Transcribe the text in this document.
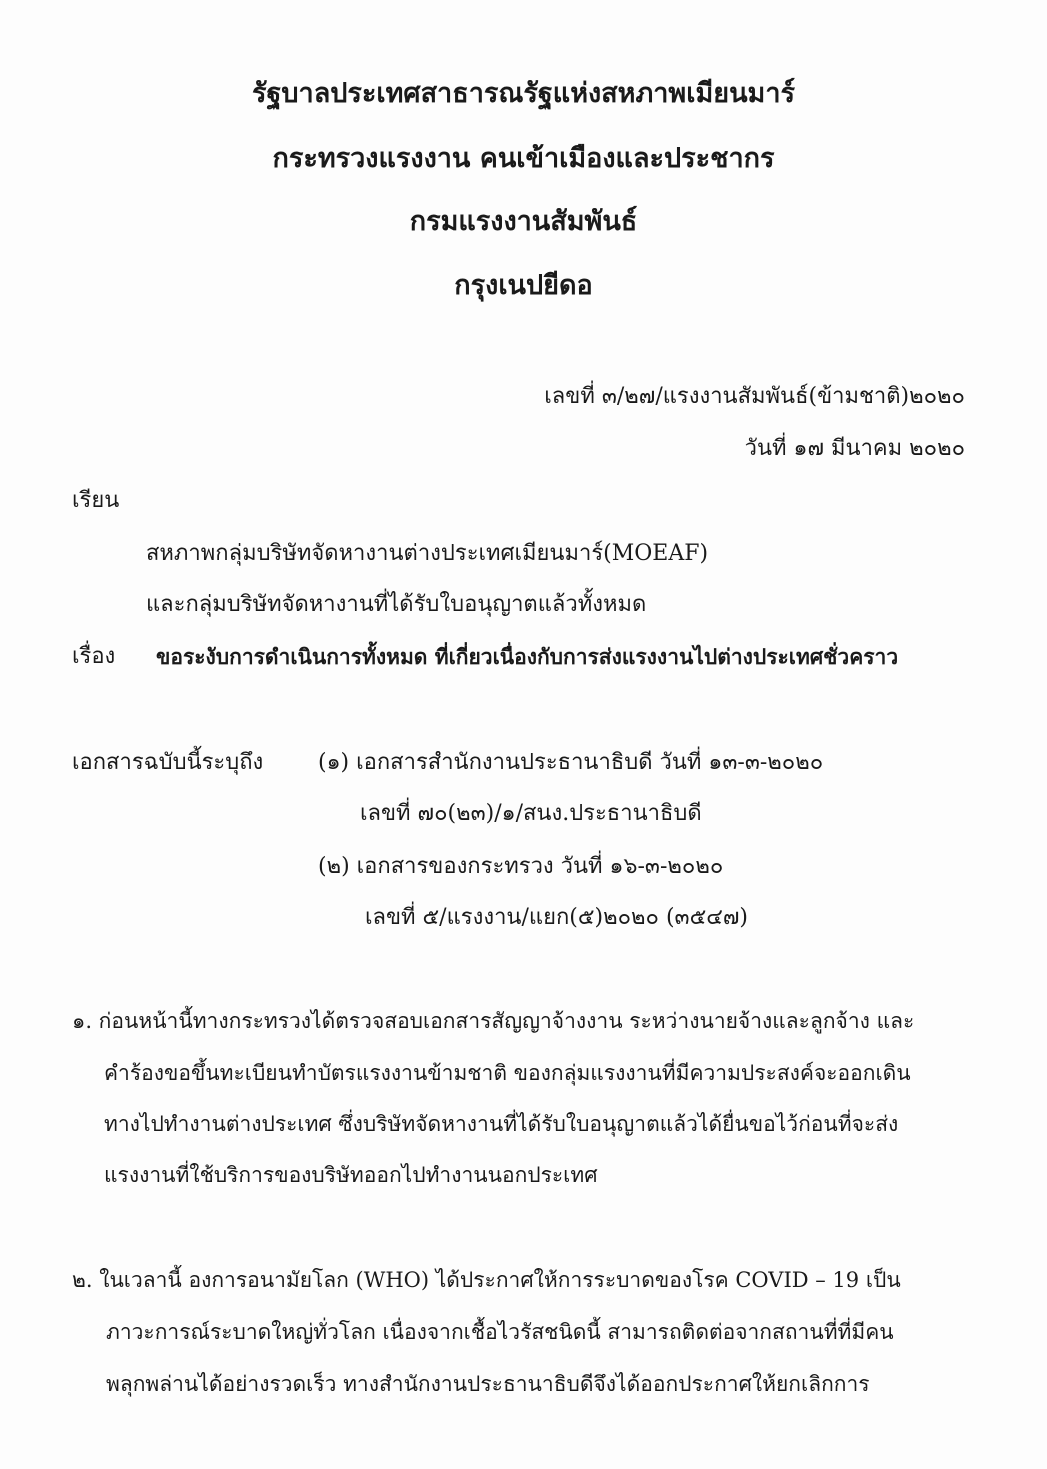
รัฐบาลประเทศสาธารณรัฐแห่งสหภาพเมียนมาร์
กระทรวงแรงงาน คนเข้าเมืองและประชากร
กรมแรงงานสัมพันธ์
กรุงเนปยีดอ
เลขที่ ๓/๒๗/แรงงานสัมพันธ์(ข้ามชาติ)๒๐๒๐
วันที่ ๑๗ มีนาคม ๒๐๒๐
เรียน
สหภาพกลุ่มบริษัทจัดหางานต่างประเทศเมียนมาร์(MOEAF)
และกลุ่มบริษัทจัดหางานที่ได้รับใบอนุญาตแล้วทั้งหมด
เรื่อง ขอระงับการดำเนินการทั้งหมด ที่เกี่ยวเนื่องกับการส่งแรงงานไปต่างประเทศชั่วคราว
เอกสารฉบับนี้ระบุถึง (๑) เอกสารสำนักงานประธานาธิบดี วันที่ ๑๓-๓-๒๐๒๐
เลขที่ ๗๐(๒๓)/๑/สนง.ประธานาธิบดี
(๒) เอกสารของกระทรวง วันที่ ๑๖-๓-๒๐๒๐
เลขที่ ๕/แรงงาน/แยก(๕)๒๐๒๐ (๓๕๔๗)
๑. ก่อนหน้านี้ทางกระทรวงได้ตรวจสอบเอกสารสัญญาจ้างงาน ระหว่างนายจ้างและลูกจ้าง และ
คำร้องขอขึ้นทะเบียนทำบัตรแรงงานข้ามชาติ ของกลุ่มแรงงานที่มีความประสงค์จะออกเดิน
ทางไปทำงานต่างประเทศ ซึ่งบริษัทจัดหางานที่ได้รับใบอนุญาตแล้วได้ยื่นขอไว้ก่อนที่จะส่ง
แรงงานที่ใช้บริการของบริษัทออกไปทำงานนอกประเทศ
๒. ในเวลานี้ องการอนามัยโลก (WHO) ได้ประกาศให้การระบาดของโรค COVID – 19 เป็น
ภาวะการณ์ระบาดใหญ่ทั่วโลก เนื่องจากเชื้อไวรัสชนิดนี้ สามารถติดต่อจากสถานที่ที่มีคน
พลุกพล่านได้อย่างรวดเร็ว ทางสำนักงานประธานาธิบดีจึงได้ออกประกาศให้ยกเลิกการ
